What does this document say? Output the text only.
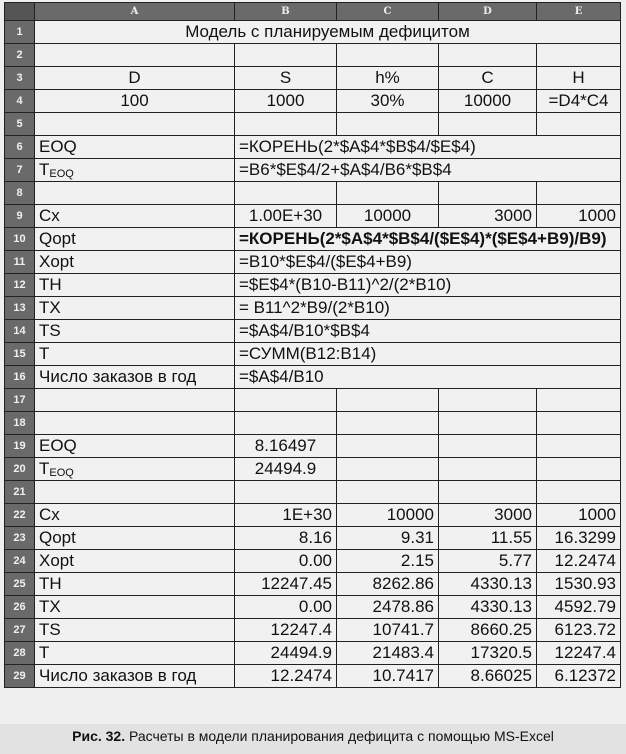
	A	B	C	D	E
1	Модель с планируемым дефицитом				
2					
3	D	S	h%	C	H
4	100	1000	30%	10000	=D4*C4
5					
6	EOQ	=КОРЕНЬ(2*$A$4*$B$4/$E$4)			
7	$T_{EOQ}$	=B6*$E$4/2+$A$4/B6*$B$4			
8					
9	Cx	1.00E+30	10000	3000	1000
10	Qopt	=КОРЕНЬ(2*$A$4*$B$4/($E$4)*($E$4+B9)/B9)			
11	Xopt	=B10*$E$4/($E$4+B9)			
12	TH	=$E$4*(B10-B11)^2/(2*B10)			
13	TX	= B11^2*B9/(2*B10)			
14	TS	=$A$4/B10*$B$4			
15	T	=СУММ(B12:B14)			
16	Число заказов в год	=$A$4/B10			
17					
18					
19	EOQ	8.16497			
20	$T_{EOQ}$	24494.9			
21					
22	Cx	1E+30	10000	3000	1000
23	Qopt	8.16	9.31	11.55	16.3299
24	Xopt	0.00	2.15	5.77	12.2474
25	TH	12247.45	8262.86	4330.13	1530.93
26	TX	0.00	2478.86	4330.13	4592.79
27	TS	12247.4	10741.7	8660.25	6123.72
28	T	24494.9	21483.4	17320.5	12247.4
29	Число заказов в год	12.2474	10.7417	8.66025	6.12372
Рис. 32. Расчеты в модели планирования дефицита с помощью MS-Excel
